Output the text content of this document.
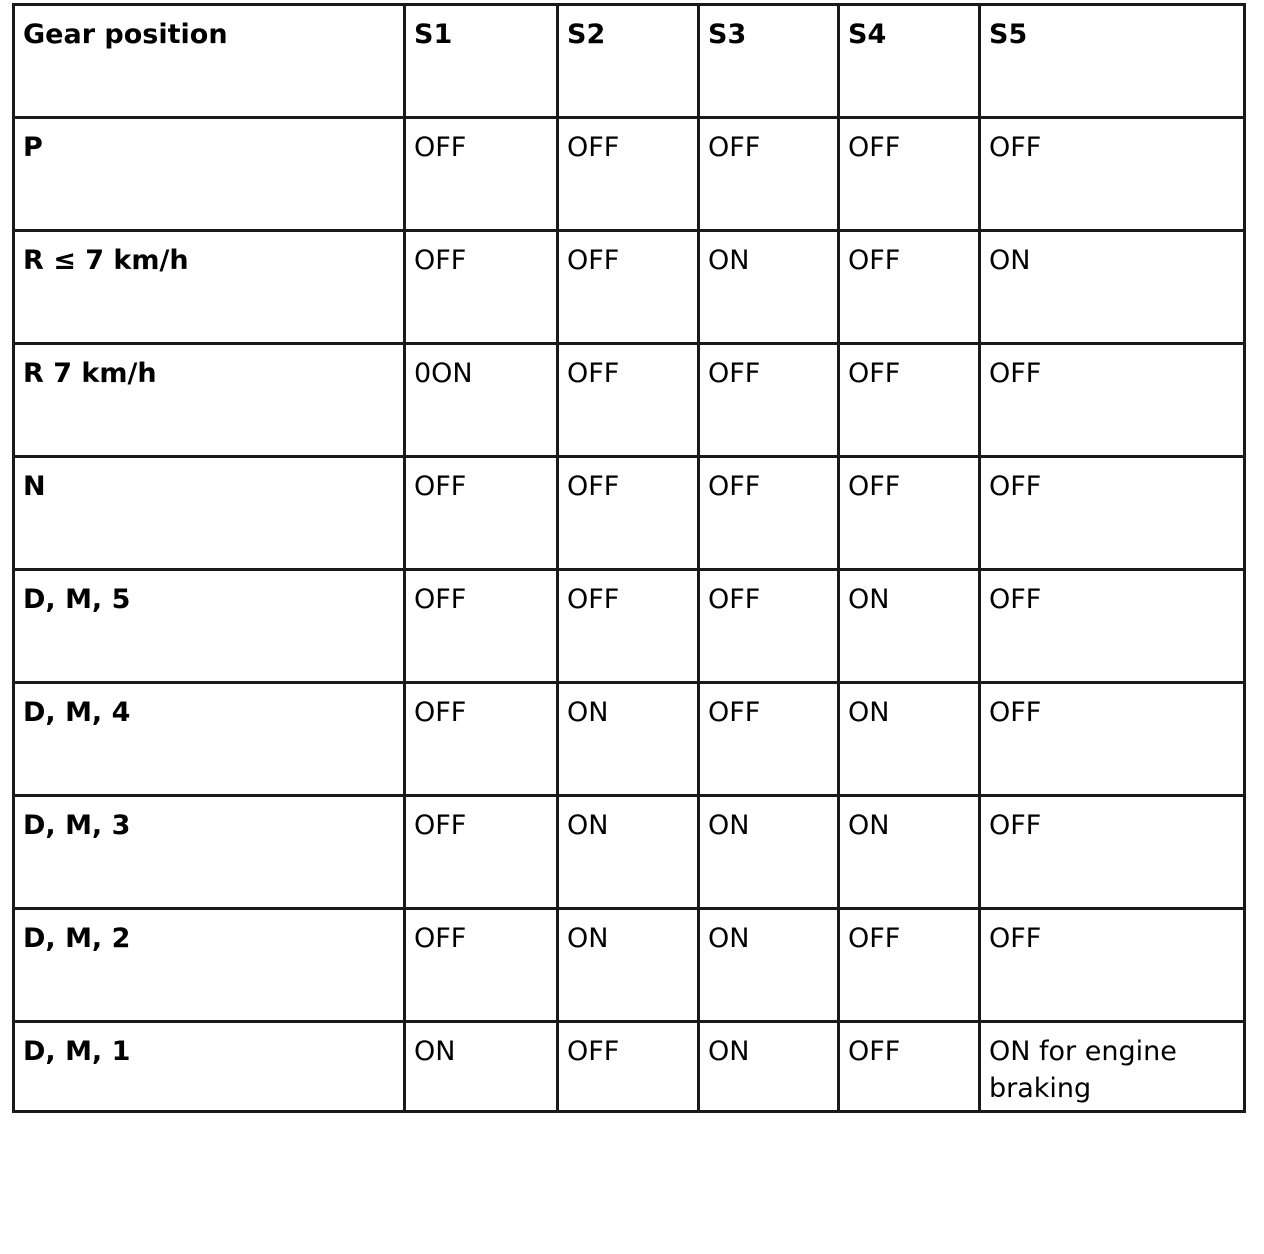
Gear position	S1	S2	S3	S4	S5
P	OFF	OFF	OFF	OFF	OFF
R ≤ 7 km/h	OFF	OFF	ON	OFF	ON
R 7 km/h	0ON	OFF	OFF	OFF	OFF
N	OFF	OFF	OFF	OFF	OFF
D, M, 5	OFF	OFF	OFF	ON	OFF
D, M, 4	OFF	ON	OFF	ON	OFF
D, M, 3	OFF	ON	ON	ON	OFF
D, M, 2	OFF	ON	ON	OFF	OFF
D, M, 1	ON	OFF	ON	OFF	ON for engine braking
